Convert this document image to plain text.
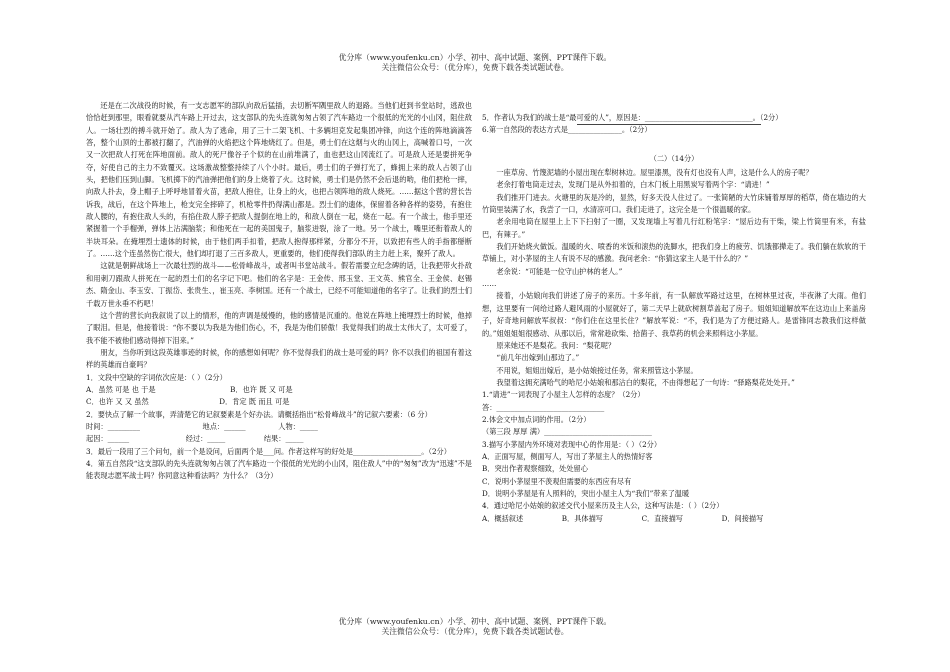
优分库（www.youfenku.cn）小学、初中、高中试题、案例、PPT课件下载。
关注微信公众号：（优分库），免费下载各类试题试卷。

还是在二次战役的时候，有一支志愿军的部队向敌后猛插，去切断军隅里敌人的退路。当他们赶到书堂站时，逃敌也恰恰赶到那里，眼看就要从汽车路上开过去，这支部队的先头连就匆匆占领了汽车路边一个很低的光光的小山冈，阻住敌人。一场壮烈的搏斗就开始了。敌人为了逃命，用了三十二架飞机、十多辆坦克发起集团冲锋，向这个连的阵地滴滴答答，整个山顶的土都被打翻了，汽油弹的火焰把这个阵地烧红了。但是，勇士们在这烟与火的山冈上，高喊着口号，一次又一次把敌人打死在阵地面前。敌人的死尸像谷子个似的在山前堆满了，血也把这山冈流红了。可是敌人还是要拼死争夺，好使自己的主力不致覆灭。这场激战整整持续了八个小时。最后，勇士们的子弹打光了，蜂拥上来的敌人占领了山头，把他们压到山脚。飞机掷下的汽油弹把他们的身上烧着了火。这时候，勇士们是仍然不会后退的哟，他们把枪一摔，向敌人扑去，身上帽子上呼呼地冒着火苗，把敌人抱住，让身上的火，也把占领阵地的敌人烧死。……据这个营的营长告诉我，战后，在这个阵地上，枪支完全摔碎了，机枪零件扔得满山都是。烈士们的遗体，保留着各种各样的姿势，有抱住敌人腰的，有抱住敌人头的，有掐住敌人脖子把敌人提倒在地上的，和敌人倒在一起，烧在一起。有一个战士，他手里还紧握着一个手榴弹，弹体上沾满脑浆；和他死在一起的美国鬼子，脑浆迸裂，涂了一地。另一个战士，嘴里还衔着敌人的半块耳朵。在掩埋烈士遗体的时候，由于他们两手扣着，把敌人抱得那样紧，分都分不开，以致把有些人的手指都掰断了。……这个连虽然伤亡很大，他们却打退了三百多敌人，更重要的，他们使得我们部队的主力赶上来，聚歼了敌人。

这就是朝鲜战场上一次最壮烈的战斗——松骨峰战斗，或者叫书堂站战斗。假若需要立纪念碑的话，让我把带火扑敌和用刺刀跟敌人拼死在一起的烈士们的名字记下吧。他们的名字是：王金传、邢玉堂、王文英、熊官全、王金侯、赵锡杰、隋金山、李玉安、丁振岱、张贵生、，崔玉亮、李树国。还有一个战士，已经不可能知道他的名字了。让我们的烈士们千载万世永垂不朽吧！

这个营的营长向我叙说了以上的情形，他的声调是缓慢的，他的感情是沉重的。他说在阵地上掩埋烈士的时候，他掉了眼泪。但是，他接着说：“你不要以为我是为他们伤心，不，我是为他们骄傲！我觉得我们的战士太伟大了，太可爱了，我不能不被他们感动得掉下泪来。”

朋友，当你听到这段英雄事迹的时候，你的感想如何呢？你不觉得我们的战士是可爱的吗？你不以我们的祖国有着这样的英雄而自豪吗？

1．文段中空缺的字词依次应是：（ ）（2分）

A．虽然 可是 也 于是	B．也许 既 又 可是
C．也许 又 又 虽然	D．肯定 既 而且 可是

2．要快点了解一个故事，弄清楚它的记叙要素是个好办法。请概括指出“松骨峰战斗”的记叙六要素：（6 分）

时间：_________	地点：______	人物：_____
起因：______	经过：_____	结果：_____

3．最后一段用了三个问句，前一个是设问，后面两个是___问。作者这样写的好处是___________________。（2分）

4．第五自然段“这支部队的先头连就匆匆占领了汽车路边一个很低的光光的小山冈，阻住敌人”中的“匆匆”改为“迅速”不是能表现志愿军战士吗？你同意这种看法吗？为什么？（3分）

5．作者认为我们的战士是“最可爱的人”，原因是：______________________________。（2分）

6.第一自然段的表达方式是_______________。（2分）

（二）（14分）

一座草房、竹篾泥墙的小屋出现在犁树林边。屋里漆黑，没有灯也没有人声，这是什么人的房子呢？

老余打着电筒走过去，发现门是从外扣着的，白木门板上用黑炭写着两个字：“请进！”

我们推开门进去。火塘里的灰是冷的，显然，好多天没人住过了。一张简陋的大竹床铺着厚厚的稻草，倚在墙边的大竹筒里装满了水，我尝了一口，水清凉可口。我们走进了，这完全是一个很温暖的家。

老余用电筒在屋里上上下下扫射了一圈，又发现墙上写着几行红粉笔字：“屋后边有干柴，梁上竹筒里有米，有盐巴，有辣子。”

我们开始烧火做饭。温暖的火、喷香的米饭和滚热的洗脚水，把我们身上的疲劳、饥饿都撵走了。我们躺在软软的干草铺上，对小茅屋的主人有说不尽的感激。我问老余：“你猜这家主人是干什么的？”

老余说：“可能是一位守山护林的老人。”

……

接着，小姑娘向我们讲述了房子的来历。十多年前，有一队解放军路过这里，在树林里过夜，半夜淋了大雨。他们想，这里要有一间给过路人避风雨的小屋就好了，第二天早上就砍树割草盖起了房子。姐姐知道解放军在这边山上来盖房子，好奇地问解放军叔叔：“你们住在这里长住？”解放军说：“不，我们是为了方便过路人。是雷锋同志教我们这样做的。”姐姐姐姐很感动、从那以后，常常趁砍柴、拾菌子、我草药的机会来照料这小茅屋。

原来她还不是梨花。我问：“梨花呢？

“前几年出嫁到山那边了。”

不用说，姐姐出嫁后，是小姑娘接过任务，常来照管这小茅屋。

我望着这拥充满哈气的哈尼小姑娘和那沾白的梨花，不由得想起了一句诗：“驿路梨花处处开。”

1.“请进”一词表现了小屋主人怎样的态度？（2分）

答：______________________________

2.体会文中加点词的作用。（2分）

（第三段 厚厚 满）______________________________

3.描写小茅屋内外环境对表现中心的作用是：（ ）（2分）

A．正面写屋，侧面写人，写出了茅屋主人的热情好客

B．突出作者观察细致，处处留心

C．说明小茅屋里不羡观但需要的东西应有尽有

D．说明小茅屋是有人照料的，突出小屋主人为“我们”带来了温暖

4．通过哈尼小姑娘的叙述交代小屋来历及主人公，这种写法是：（ ）（2分）

A．概括叙述	B．具体描写	C．直接描写	D．间接描写
优分库（www.youfenku.cn）小学、初中、高中试题、案例、PPT课件下载。
关注微信公众号：（优分库），免费下载各类试题试卷。
